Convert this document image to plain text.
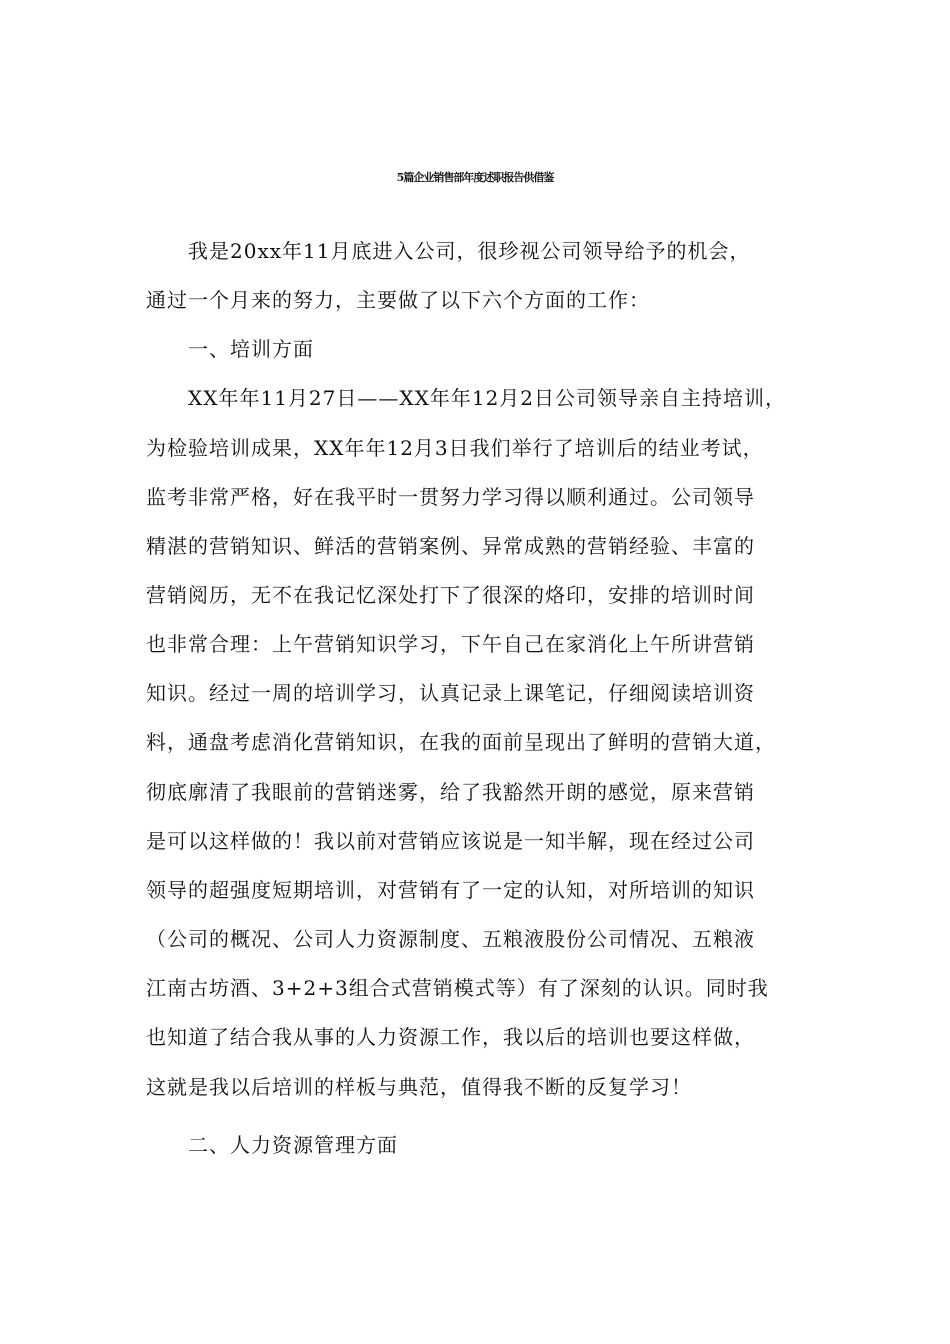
5篇企业销售部年度述职报告供借鉴
我是20xx年11月底进入公司，很珍视公司领导给予的机会，
通过一个月来的努力，主要做了以下六个方面的工作：
一、培训方面
XX年年11月27日——XX年年12月2日公司领导亲自主持培训，
为检验培训成果，XX年年12月3日我们举行了培训后的结业考试，
监考非常严格，好在我平时一贯努力学习得以顺利通过。公司领导
精湛的营销知识、鲜活的营销案例、异常成熟的营销经验、丰富的
营销阅历，无不在我记忆深处打下了很深的烙印，安排的培训时间
也非常合理：上午营销知识学习，下午自己在家消化上午所讲营销
知识。经过一周的培训学习，认真记录上课笔记，仔细阅读培训资
料，通盘考虑消化营销知识，在我的面前呈现出了鲜明的营销大道，
彻底廓清了我眼前的营销迷雾，给了我豁然开朗的感觉，原来营销
是可以这样做的！我以前对营销应该说是一知半解，现在经过公司
领导的超强度短期培训，对营销有了一定的认知，对所培训的知识
（公司的概况、公司人力资源制度、五粮液股份公司情况、五粮液
江南古坊酒、3+2+3组合式营销模式等）有了深刻的认识。同时我
也知道了结合我从事的人力资源工作，我以后的培训也要这样做，
这就是我以后培训的样板与典范，值得我不断的反复学习！
二、人力资源管理方面
